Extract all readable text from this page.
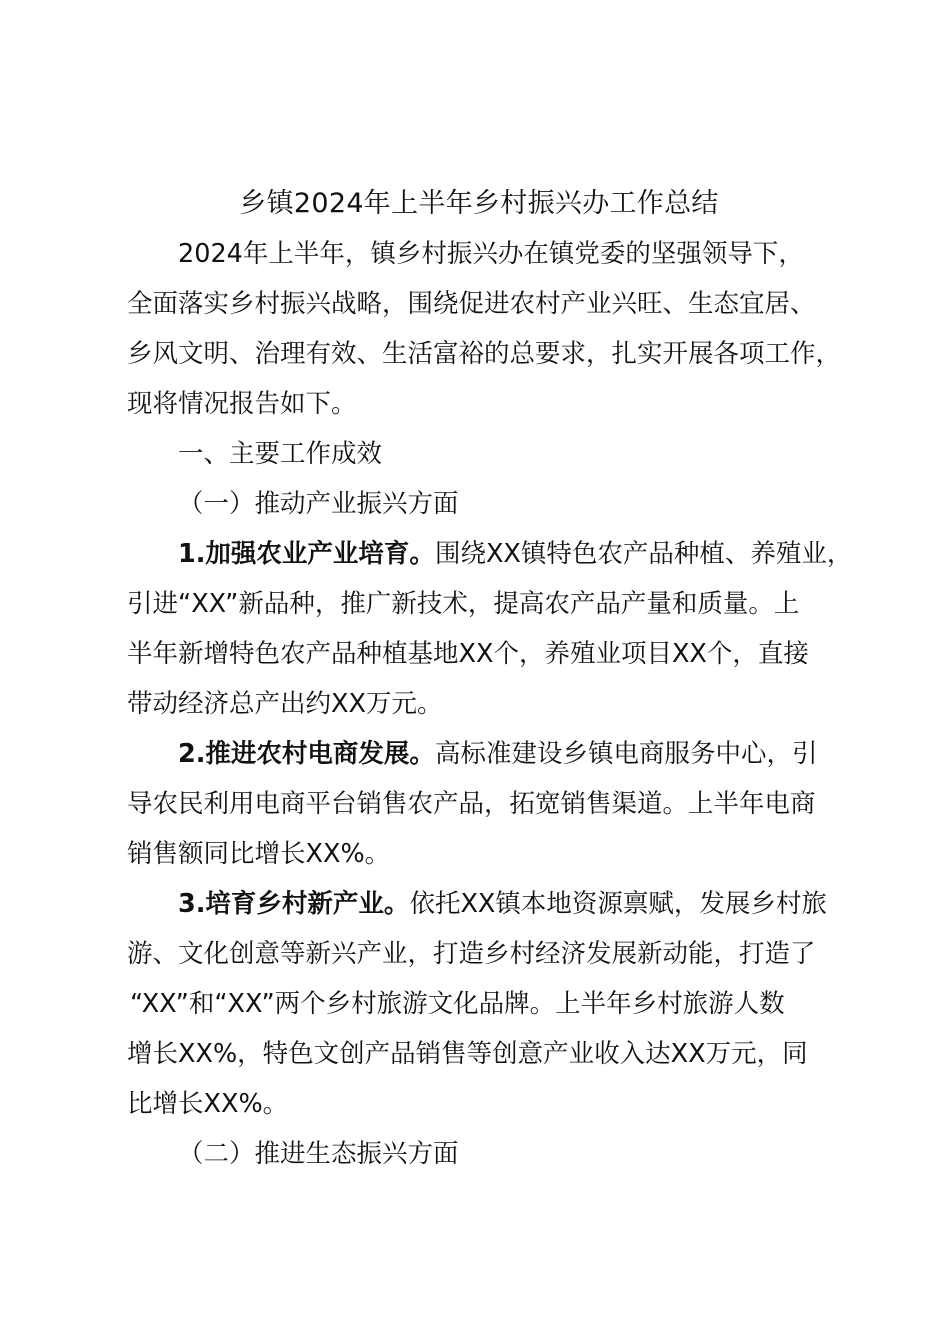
乡镇2024年上半年乡村振兴办工作总结

2024年上半年，镇乡村振兴办在镇党委的坚强领导下，

全面落实乡村振兴战略，围绕促进农村产业兴旺、生态宜居、

乡风文明、治理有效、生活富裕的总要求，扎实开展各项工作，

现将情况报告如下。

一、主要工作成效

（一）推动产业振兴方面

1.加强农业产业培育。围绕XX镇特色农产品种植、养殖业，

引进“XX”新品种，推广新技术，提高农产品产量和质量。上

半年新增特色农产品种植基地XX个，养殖业项目XX个，直接

带动经济总产出约XX万元。

2.推进农村电商发展。高标准建设乡镇电商服务中心，引

导农民利用电商平台销售农产品，拓宽销售渠道。上半年电商

销售额同比增长XX%。

3.培育乡村新产业。依托XX镇本地资源禀赋，发展乡村旅

游、文化创意等新兴产业，打造乡村经济发展新动能，打造了

“XX”和“XX”两个乡村旅游文化品牌。上半年乡村旅游人数

增长XX%，特色文创产品销售等创意产业收入达XX万元，同

比增长XX%。

（二）推进生态振兴方面
